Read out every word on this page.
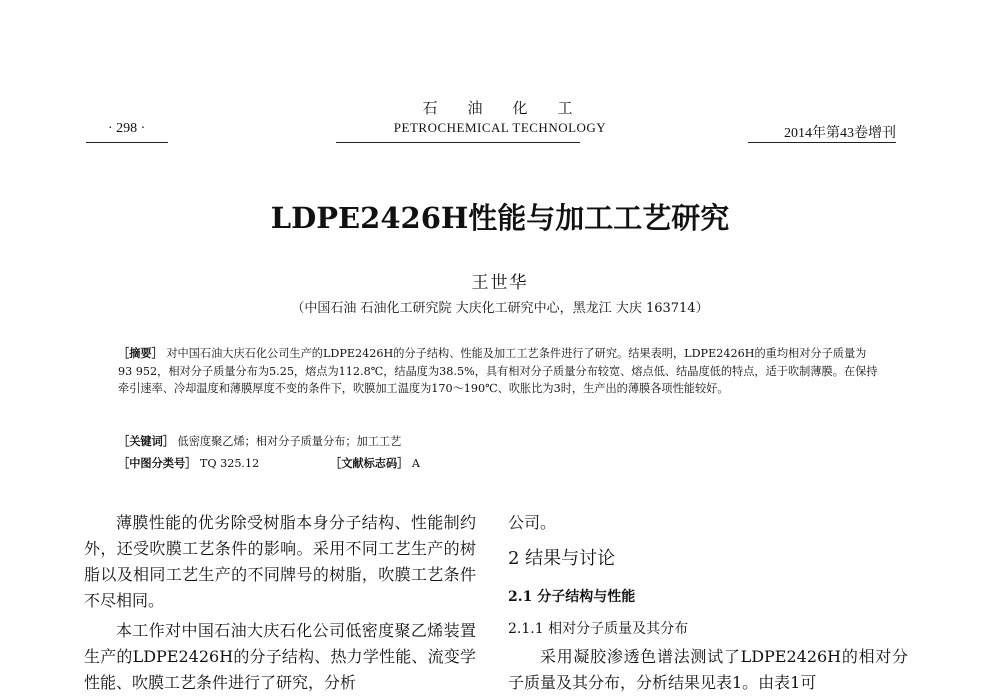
石油化工
PETROCHEMICAL TECHNOLOGY
· 298 ·	2014年第43卷增刊
LDPE2426H性能与加工工艺研究
王世华
（中国石油 石油化工研究院 大庆化工研究中心，黑龙江 大庆 163714）

［摘要］ 对中国石油大庆石化公司生产的LDPE2426H的分子结构、性能及加工工艺条件进行了研究。结果表明，LDPE2426H的重均相对分子质量为93 952，相对分子质量分布为5.25，熔点为112.8℃，结晶度为38.5%，具有相对分子质量分布较宽、熔点低、结晶度低的特点，适于吹制薄膜。在保持牵引速率、冷却温度和薄膜厚度不变的条件下，吹膜加工温度为170～190℃、吹胀比为3时，生产出的薄膜各项性能较好。

［关键词］ 低密度聚乙烯；相对分子质量分布；加工工艺
［中图分类号］ TQ 325.12	［文献标志码］ A

薄膜性能的优劣除受树脂本身分子结构、性能制约外，还受吹膜工艺条件的影响。采用不同工艺生产的树脂以及相同工艺生产的不同牌号的树脂，吹膜工艺条件不尽相同。

本工作对中国石油大庆石化公司低密度聚乙烯装置生产的LDPE2426H的分子结构、热力学性能、流变学性能、吹膜工艺条件进行了研究，分析

公司。

2 结果与讨论

2.1 分子结构与性能

2.1.1 相对分子质量及其分布

采用凝胶渗透色谱法测试了LDPE2426H的相对分子质量及其分布，分析结果见表1。由表1可
